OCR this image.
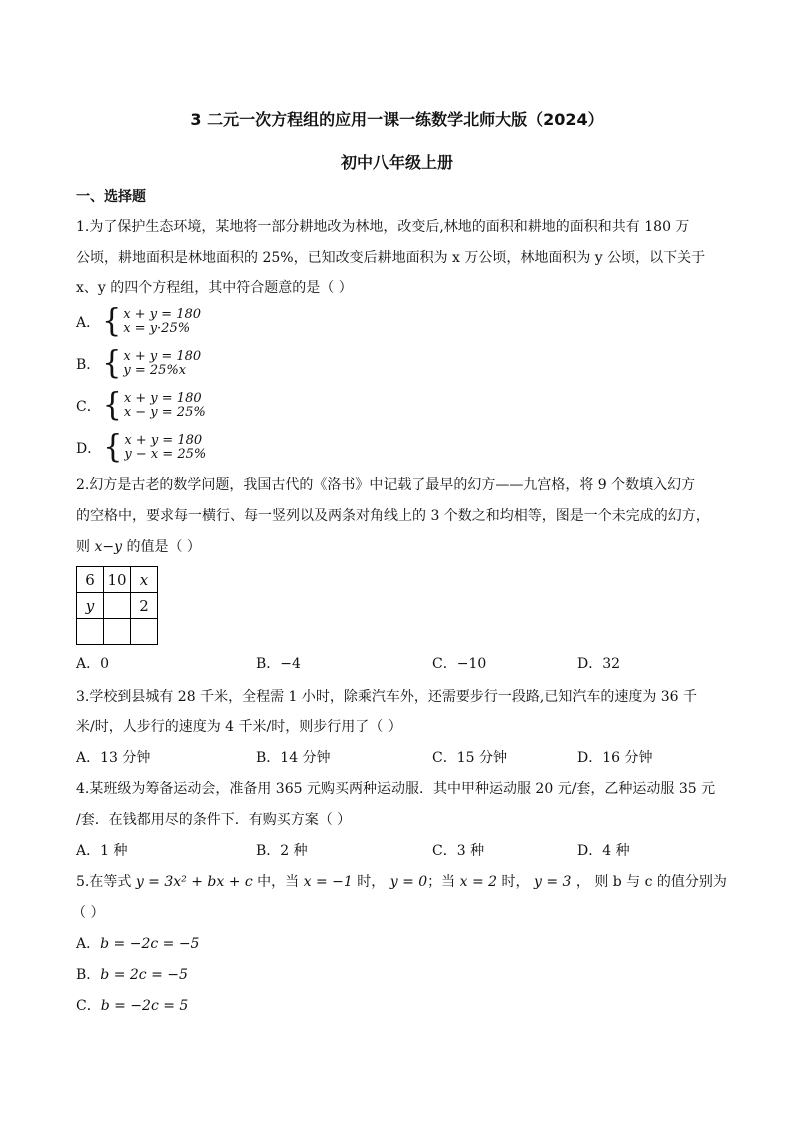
3 二元一次方程组的应用一课一练数学北师大版（2024）
初中八年级上册
一、选择题
1.为了保护生态环境，某地将一部分耕地改为林地，改变后,林地的面积和耕地的面积和共有 180 万
公顷，耕地面积是林地面积的 25%，已知改变后耕地面积为 x 万公顷，林地面积为 y 公顷，以下关于
x、y 的四个方程组，其中符合题意的是（ ）
A． { x + y = 180
x = y·25%
B． { x + y = 180
y = 25%x
C． { x + y = 180
x − y = 25%
D． { x + y = 180
y − x = 25%
2.幻方是古老的数学问题，我国古代的《洛书》中记载了最早的幻方——九宫格，将 9 个数填入幻方
的空格中，要求每一横行、每一竖列以及两条对角线上的 3 个数之和均相等，图是一个未完成的幻方，
则 x−y 的值是（ ）
6	10	x
y		2

A．0	B．−4	C．−10	D．32
3.学校到县城有 28 千米，全程需 1 小时，除乘汽车外，还需要步行一段路,已知汽车的速度为 36 千
米/时，人步行的速度为 4 千米/时，则步行用了（ ）
A．13 分钟	B．14 分钟	C．15 分钟	D．16 分钟
4.某班级为筹备运动会，准备用 365 元购买两种运动服．其中甲种运动服 20 元/套，乙种运动服 35 元
/套．在钱都用尽的条件下．有购买方案（ ）
A．1 种	B．2 种	C．3 种	D．4 种
5.在等式 y = 3x² + bx + c 中，当 x = −1 时， y = 0；当 x = 2 时， y = 3 ， 则 b 与 c 的值分别为
（ ）
A．b = −2c = −5
B．b = 2c = −5
C．b = −2c = 5
